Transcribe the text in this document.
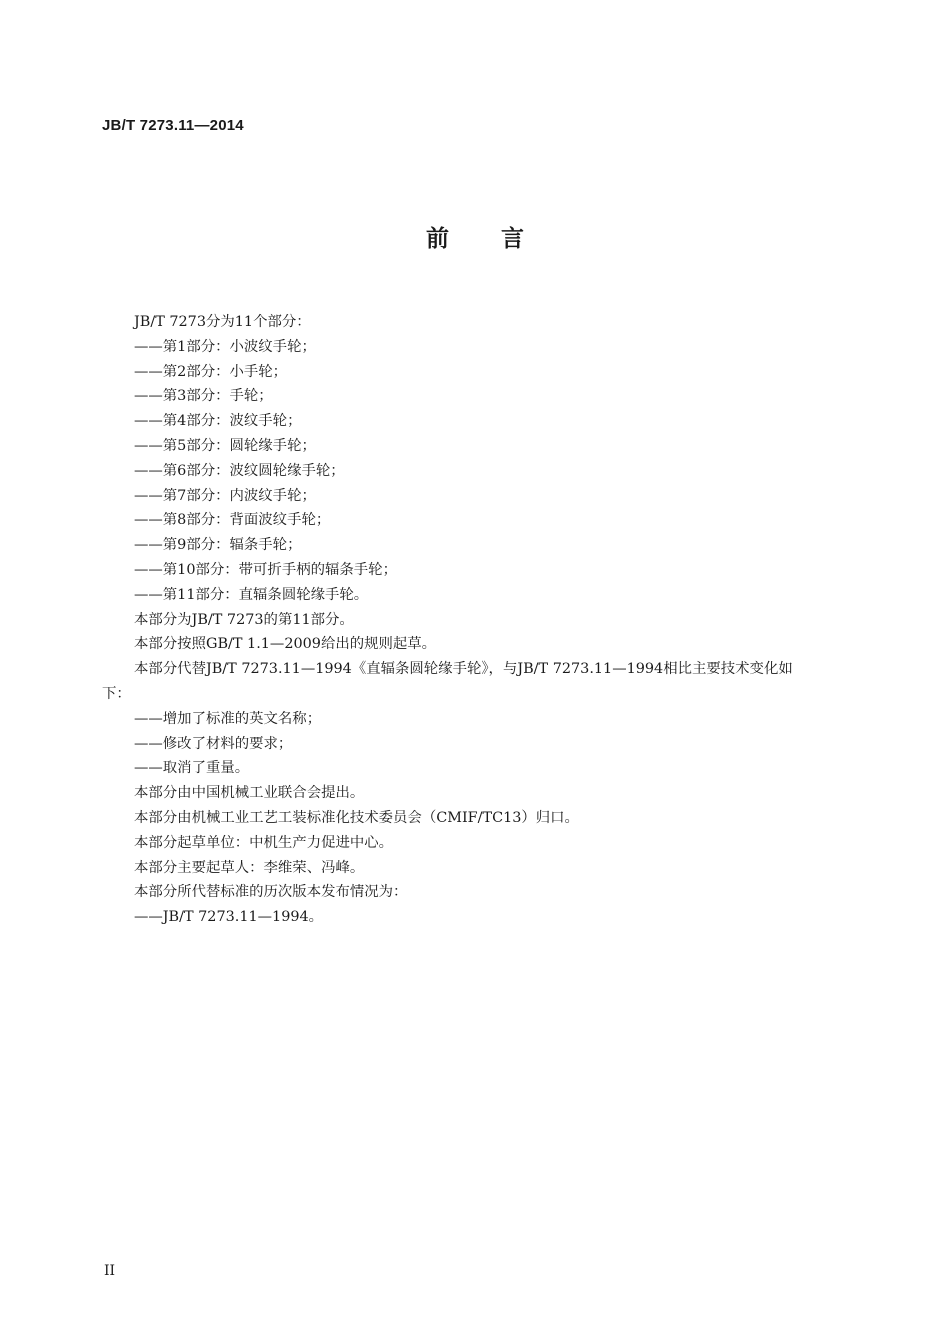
JB/T 7273.11—2014
前言
JB/T 7273分为11个部分：
——第1部分：小波纹手轮；
——第2部分：小手轮；
——第3部分：手轮；
——第4部分：波纹手轮；
——第5部分：圆轮缘手轮；
——第6部分：波纹圆轮缘手轮；
——第7部分：内波纹手轮；
——第8部分：背面波纹手轮；
——第9部分：辐条手轮；
——第10部分：带可折手柄的辐条手轮；
——第11部分：直辐条圆轮缘手轮。
本部分为JB/T 7273的第11部分。
本部分按照GB/T 1.1—2009给出的规则起草。
本部分代替JB/T 7273.11—1994《直辐条圆轮缘手轮》，与JB/T 7273.11—1994相比主要技术变化如
下：
——增加了标准的英文名称；
——修改了材料的要求；
——取消了重量。
本部分由中国机械工业联合会提出。
本部分由机械工业工艺工装标准化技术委员会（CMIF/TC13）归口。
本部分起草单位：中机生产力促进中心。
本部分主要起草人：李维荣、冯峰。
本部分所代替标准的历次版本发布情况为：
——JB/T 7273.11—1994。
II
